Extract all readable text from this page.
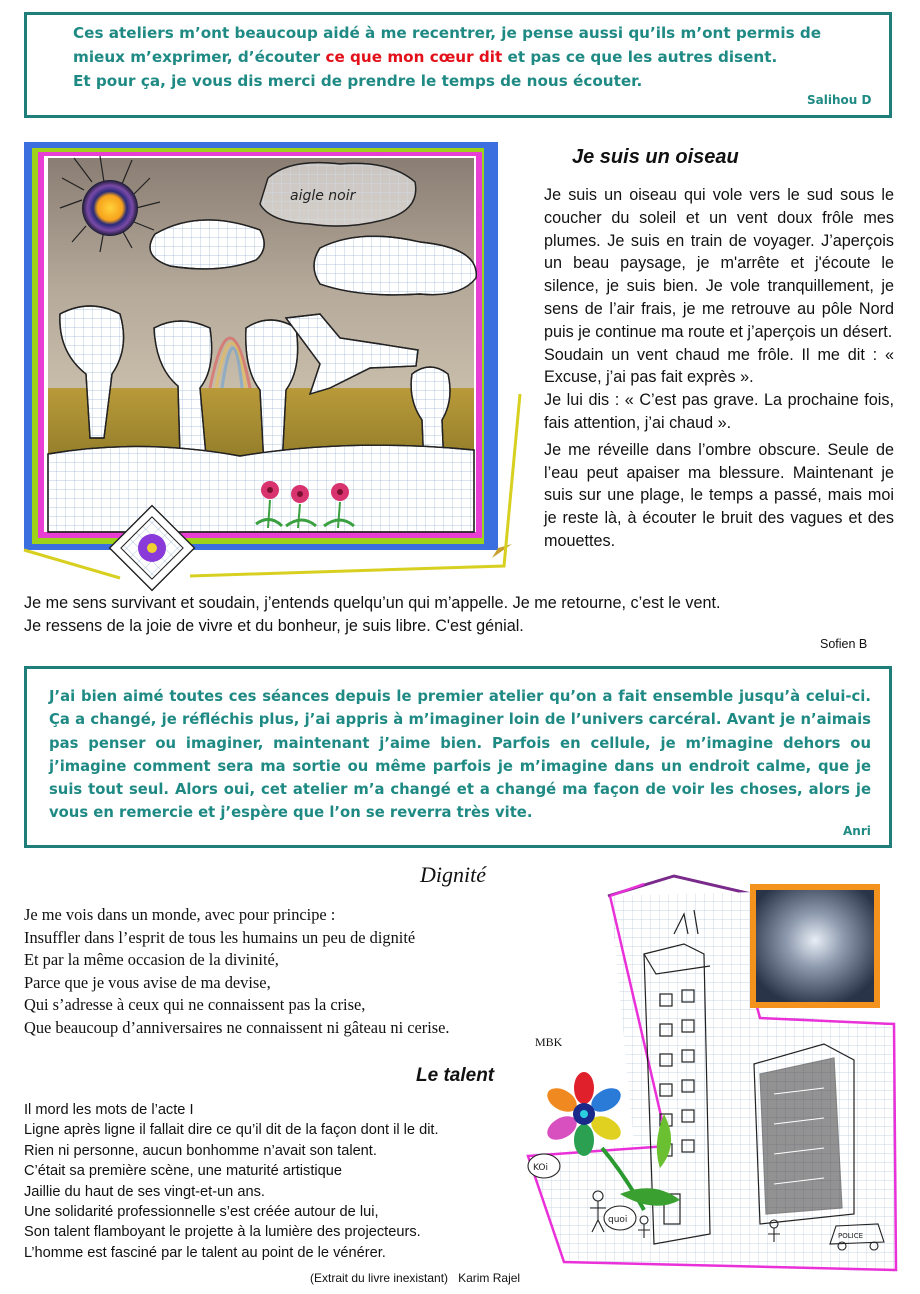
Ces ateliers m’ont beaucoup aidé à me recentrer, je pense aussi qu’ils m’ont permis de mieux m’exprimer, d’écouter ce que mon cœur dit et pas ce que les autres disent.
Et pour ça, je vous dis merci de prendre le temps de nous écouter.
Salihou D
aigle noir
Je suis un oiseau

Je suis un oiseau qui vole vers le sud sous le coucher du soleil et un vent doux frôle mes plumes. Je suis en train de voyager. J’aperçois un beau paysage, je m'arrête et j'écoute le silence, je suis bien. Je vole tranquillement, je sens de l’air frais, je me retrouve au pôle Nord puis je continue ma route et j’aperçois un désert.

Soudain un vent chaud me frôle. Il me dit : « Excuse, j’ai pas fait exprès ».

Je lui dis : « C’est pas grave. La prochaine fois, fais attention, j’ai chaud ».

Je me réveille dans l’ombre obscure. Seule de l’eau peut apaiser ma blessure. Maintenant je suis sur une plage, le temps a passé, mais moi je reste là, à écouter le bruit des vagues et des mouettes.

Je me sens survivant et soudain, j’entends quelqu’un qui m’appelle. Je me retourne, c’est le vent.
Je ressens de la joie de vivre et du bonheur, je suis libre. C'est génial.
Sofien B
J’ai bien aimé toutes ces séances depuis le premier atelier qu’on a fait ensemble jusqu’à celui-ci. Ça a changé, je réfléchis plus, j’ai appris à m’imaginer loin de l’univers carcéral. Avant je n’aimais pas penser ou imaginer, maintenant j’aime bien. Parfois en cellule, je m’imagine dehors ou j’imagine comment sera ma sortie ou même parfois je m’imagine dans un endroit calme, que je suis tout seul. Alors oui, cet atelier m’a changé et a changé ma façon de voir les choses, alors je vous en remercie et j’espère que l’on se reverra très vite.
Anri
Dignité
Je me vois dans un monde, avec pour principe :
Insuffler dans l’esprit de tous les humains un peu de dignité
Et par la même occasion de la divinité,
Parce que je vous avise de ma devise,
Qui s’adresse à ceux qui ne connaissent pas la crise,
Que beaucoup d’anniversaires ne connaissent ni gâteau ni cerise.
MBK
Le talent
Il mord les mots de l’acte I
Ligne après ligne il fallait dire ce qu’il dit de la façon dont il le dit.
Rien ni personne, aucun bonhomme n’avait son talent.
C’était sa première scène, une maturité artistique
Jaillie du haut de ses vingt-et-un ans.
Une solidarité professionnelle s’est créée autour de lui,
Son talent flamboyant le projette à la lumière des projecteurs.
L’homme est fasciné par le talent au point de le vénérer.
(Extrait du livre inexistant) Karim Rajel
KOi
quoi
POLICE
